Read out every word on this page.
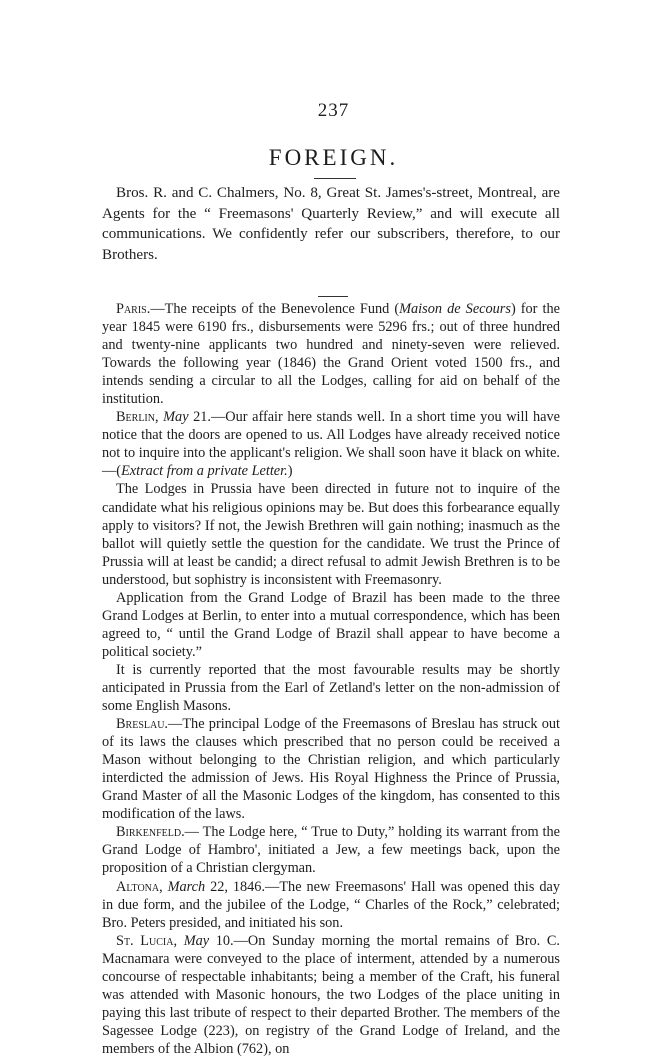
237
FOREIGN.

Bros. R. and C. Chalmers, No. 8, Great St. James's-street, Montreal, are Agents for the “ Freemasons' Quarterly Review,” and will execute all communications. We confidently refer our subscribers, therefore, to our Brothers.

Paris.—The receipts of the Benevolence Fund (Maison de Secours) for the year 1845 were 6190 frs., disbursements were 5296 frs.; out of three hundred and twenty-nine applicants two hundred and ninety-seven were relieved. Towards the following year (1846) the Grand Orient voted 1500 frs., and intends sending a circular to all the Lodges, calling for aid on behalf of the institution.

Berlin, May 21.—Our affair here stands well. In a short time you will have notice that the doors are opened to us. All Lodges have already received notice not to inquire into the applicant's religion. We shall soon have it black on white.—(Extract from a private Letter.)

The Lodges in Prussia have been directed in future not to inquire of the candidate what his religious opinions may be. But does this forbearance equally apply to visitors? If not, the Jewish Brethren will gain nothing; inasmuch as the ballot will quietly settle the question for the candidate. We trust the Prince of Prussia will at least be candid; a direct refusal to admit Jewish Brethren is to be understood, but sophistry is inconsistent with Freemasonry.

Application from the Grand Lodge of Brazil has been made to the three Grand Lodges at Berlin, to enter into a mutual correspondence, which has been agreed to, “ until the Grand Lodge of Brazil shall appear to have become a political society.”

It is currently reported that the most favourable results may be shortly anticipated in Prussia from the Earl of Zetland's letter on the non-admission of some English Masons.

Breslau.—The principal Lodge of the Freemasons of Breslau has struck out of its laws the clauses which prescribed that no person could be received a Mason without belonging to the Christian religion, and which particularly interdicted the admission of Jews. His Royal Highness the Prince of Prussia, Grand Master of all the Masonic Lodges of the kingdom, has consented to this modification of the laws.

Birkenfeld.— The Lodge here, “ True to Duty,” holding its warrant from the Grand Lodge of Hambro', initiated a Jew, a few meetings back, upon the proposition of a Christian clergyman.

Altona, March 22, 1846.—The new Freemasons' Hall was opened this day in due form, and the jubilee of the Lodge, “ Charles of the Rock,” celebrated; Bro. Peters presided, and initiated his son.

St. Lucia, May 10.—On Sunday morning the mortal remains of Bro. C. Macnamara were conveyed to the place of interment, attended by a numerous concourse of respectable inhabitants; being a member of the Craft, his funeral was attended with Masonic honours, the two Lodges of the place uniting in paying this last tribute of respect to their departed Brother. The members of the Sagessee Lodge (223), on registry of the Grand Lodge of Ireland, and the members of the Albion (762), on
